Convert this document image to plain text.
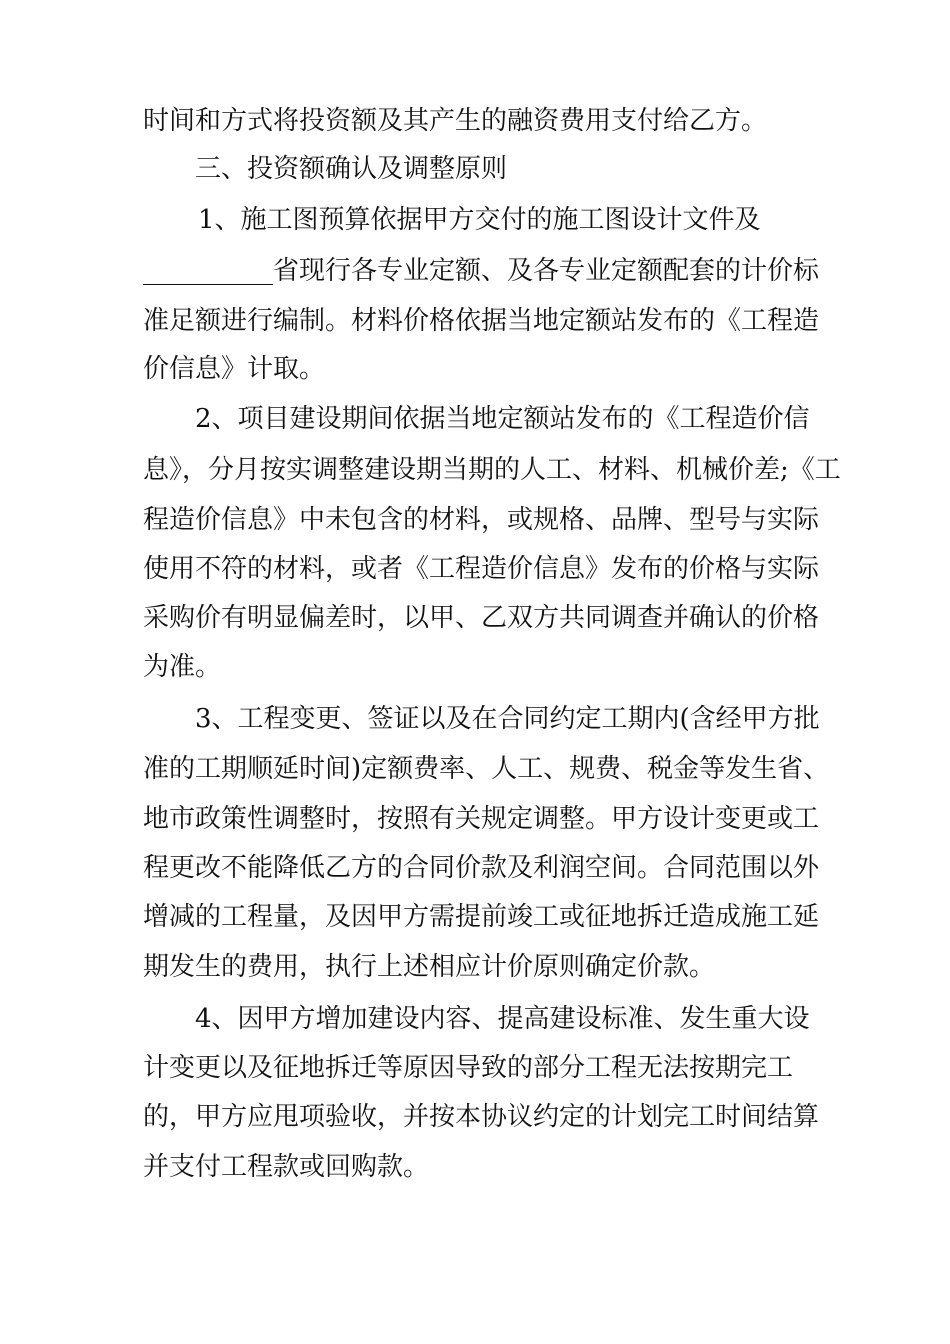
时间和方式将投资额及其产生的融资费用支付给乙方。
三、投资额确认及调整原则
1、施工图预算依据甲方交付的施工图设计文件及
__________省现行各专业定额、及各专业定额配套的计价标
准足额进行编制。材料价格依据当地定额站发布的《工程造
价信息》计取。
2、项目建设期间依据当地定额站发布的《工程造价信
息》，分月按实调整建设期当期的人工、材料、机械价差;《工
程造价信息》中未包含的材料，或规格、品牌、型号与实际
使用不符的材料，或者《工程造价信息》发布的价格与实际
采购价有明显偏差时，以甲、乙双方共同调查并确认的价格
为准。
3、工程变更、签证以及在合同约定工期内(含经甲方批
准的工期顺延时间)定额费率、人工、规费、税金等发生省、
地市政策性调整时，按照有关规定调整。甲方设计变更或工
程更改不能降低乙方的合同价款及利润空间。合同范围以外
增减的工程量，及因甲方需提前竣工或征地拆迁造成施工延
期发生的费用，执行上述相应计价原则确定价款。
4、因甲方增加建设内容、提高建设标准、发生重大设
计变更以及征地拆迁等原因导致的部分工程无法按期完工
的，甲方应甩项验收，并按本协议约定的计划完工时间结算
并支付工程款或回购款。
